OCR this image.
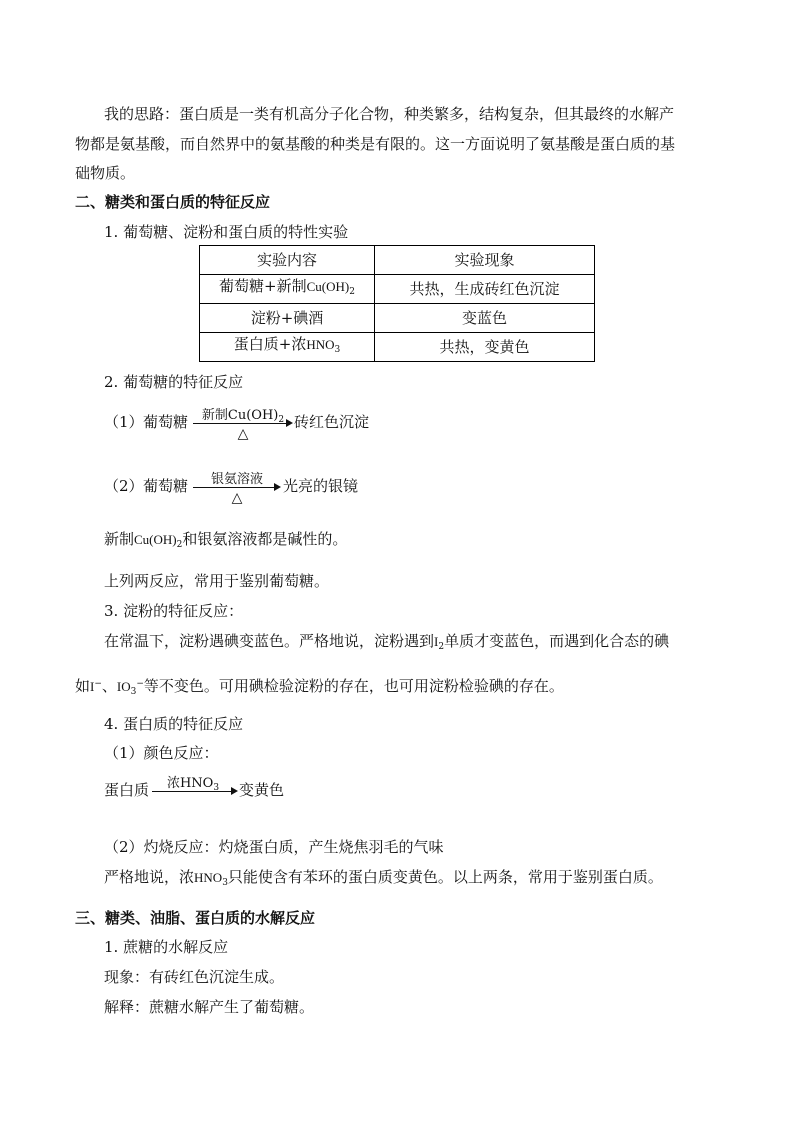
我的思路：蛋白质是一类有机高分子化合物，种类繁多，结构复杂，但其最终的水解产
物都是氨基酸，而自然界中的氨基酸的种类是有限的。这一方面说明了氨基酸是蛋白质的基
础物质。
二、糖类和蛋白质的特征反应
1. 葡萄糖、淀粉和蛋白质的特性实验
实验内容	实验现象
葡萄糖+新制$Cu(OH)_2$	共热，生成砖红色沉淀
淀粉+碘酒	变蓝色
蛋白质+浓$HNO_3$	共热，变黄色
2. 葡萄糖的特征反应
（1） 葡萄糖	新制$Cu(OH)_2$
△
砖红色沉淀
（2） 葡萄糖	银氨溶液
△
光亮的银镜
新制$Cu(OH)_2$和银氨溶液都是碱性的。
上列两反应，常用于鉴别葡萄糖。
3. 淀粉的特征反应：
在常温下，淀粉遇碘变蓝色。严格地说，淀粉遇到$I_2$单质才变蓝色，而遇到化合态的碘
如I−、$IO_3^-$等不变色。可用碘检验淀粉的存在，也可用淀粉检验碘的存在。
4. 蛋白质的特征反应
（1）颜色反应：
蛋白质	浓$HNO_3$	变黄色
（2）灼烧反应：灼烧蛋白质，产生烧焦羽毛的气味
严格地说，浓$HNO_3$只能使含有苯环的蛋白质变黄色。以上两条，常用于鉴别蛋白质。
三、糖类、油脂、蛋白质的水解反应
1. 蔗糖的水解反应
现象：有砖红色沉淀生成。
解释：蔗糖水解产生了葡萄糖。
